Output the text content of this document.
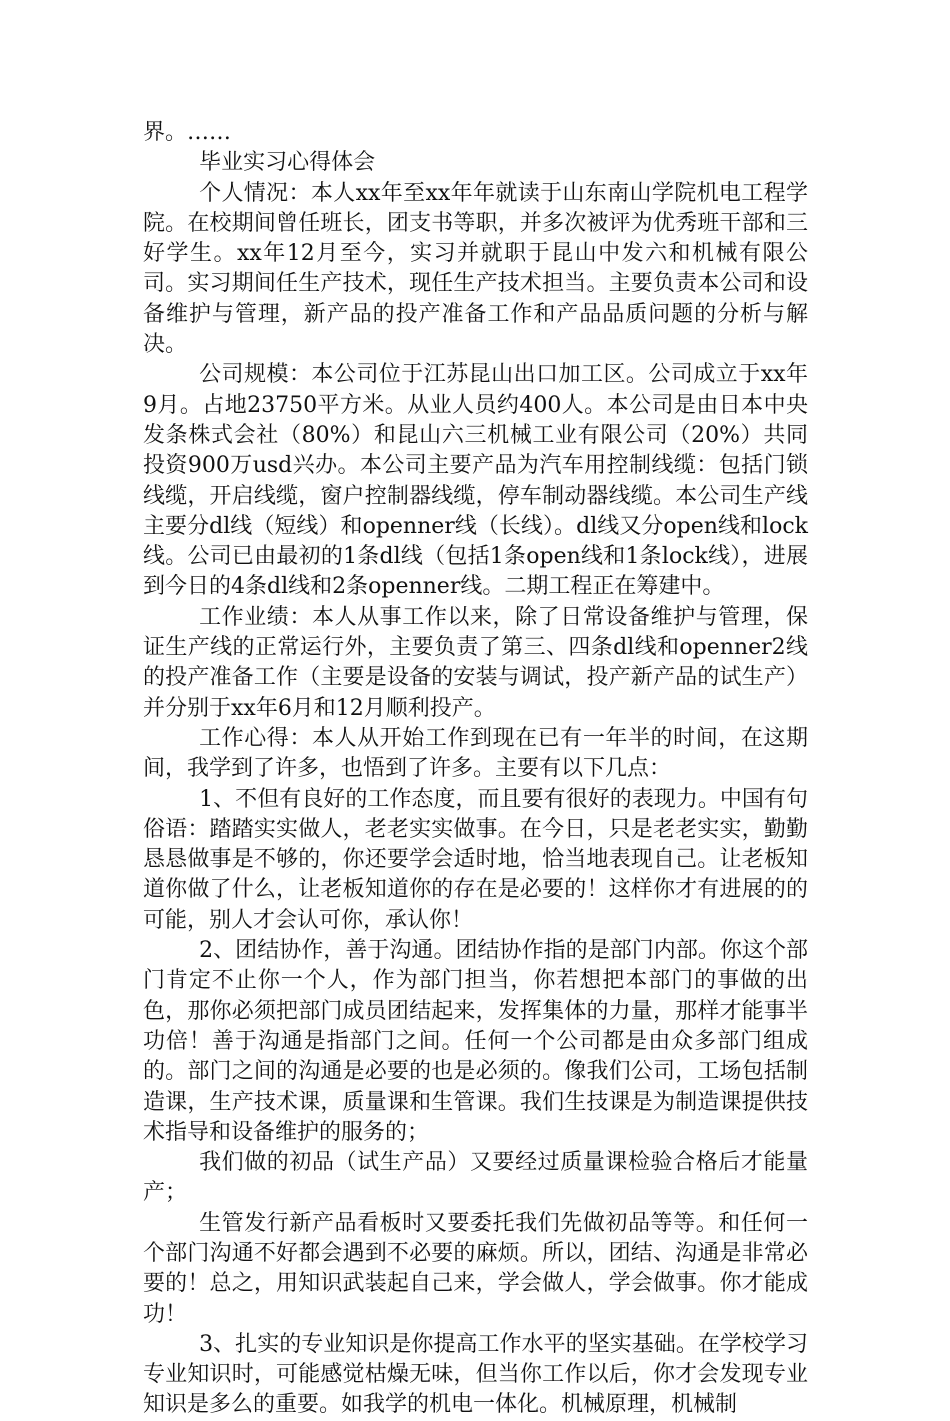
界。……

毕业实习心得体会

个人情况：本人xx年至xx年年就读于山东南山学院机电工程学院。在校期间曾任班长，团支书等职，并多次被评为优秀班干部和三好学生。xx年12月至今，实习并就职于昆山中发六和机械有限公司。实习期间任生产技术，现任生产技术担当。主要负责本公司和设备维护与管理，新产品的投产准备工作和产品品质问题的分析与解决。

公司规模：本公司位于江苏昆山出口加工区。公司成立于xx年9月。占地23750平方米。从业人员约400人。本公司是由日本中央发条株式会社（80%）和昆山六三机械工业有限公司（20%）共同投资900万usd兴办。本公司主要产品为汽车用控制线缆：包括门锁线缆，开启线缆，窗户控制器线缆，停车制动器线缆。本公司生产线主要分dl线（短线）和openner线（长线）。dl线又分open线和lock线。公司已由最初的1条dl线（包括1条open线和1条lock线），进展到今日的4条dl线和2条openner线。二期工程正在筹建中。

工作业绩：本人从事工作以来，除了日常设备维护与管理，保证生产线的正常运行外，主要负责了第三、四条dl线和openner2线的投产准备工作（主要是设备的安装与调试，投产新产品的试生产）并分别于xx年6月和12月顺利投产。

工作心得：本人从开始工作到现在已有一年半的时间，在这期间，我学到了许多，也悟到了许多。主要有以下几点：

1、不但有良好的工作态度，而且要有很好的表现力。中国有句俗语：踏踏实实做人，老老实实做事。在今日，只是老老实实，勤勤恳恳做事是不够的，你还要学会适时地，恰当地表现自己。让老板知道你做了什么，让老板知道你的存在是必要的！这样你才有进展的的可能，别人才会认可你，承认你！

2、团结协作，善于沟通。团结协作指的是部门内部。你这个部门肯定不止你一个人，作为部门担当，你若想把本部门的事做的出色，那你必须把部门成员团结起来，发挥集体的力量，那样才能事半功倍！善于沟通是指部门之间。任何一个公司都是由众多部门组成的。部门之间的沟通是必要的也是必须的。像我们公司，工场包括制造课，生产技术课，质量课和生管课。我们生技课是为制造课提供技术指导和设备维护的服务的；

我们做的初品（试生产品）又要经过质量课检验合格后才能量产；

生管发行新产品看板时又要委托我们先做初品等等。和任何一个部门沟通不好都会遇到不必要的麻烦。所以，团结、沟通是非常必要的！总之，用知识武装起自己来，学会做人，学会做事。你才能成功！

3、扎实的专业知识是你提高工作水平的坚实基础。在学校学习专业知识时，可能感觉枯燥无味，但当你工作以后，你才会发现专业知识是多么的重要。如我学的机电一体化。机械原理，机械制
